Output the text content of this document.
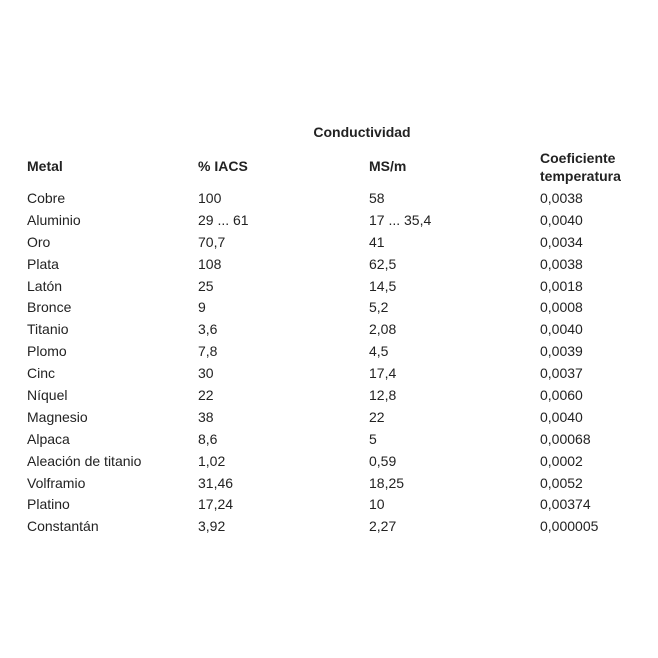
Conductividad
Metal	% IACS	MS/m	Coeficiente
temperatura
Cobre	100	58	0,0038
Aluminio	29 ... 61	17 ... 35,4	0,0040
Oro	70,7	41	0,0034
Plata	108	62,5	0,0038
Latón	25	14,5	0,0018
Bronce	9	5,2	0,0008
Titanio	3,6	2,08	0,0040
Plomo	7,8	4,5	0,0039
Cinc	30	17,4	0,0037
Níquel	22	12,8	0,0060
Magnesio	38	22	0,0040
Alpaca	8,6	5	0,00068
Aleación de titanio	1,02	0,59	0,0002
Volframio	31,46	18,25	0,0052
Platino	17,24	10	0,00374
Constantán	3,92	2,27	0,000005
